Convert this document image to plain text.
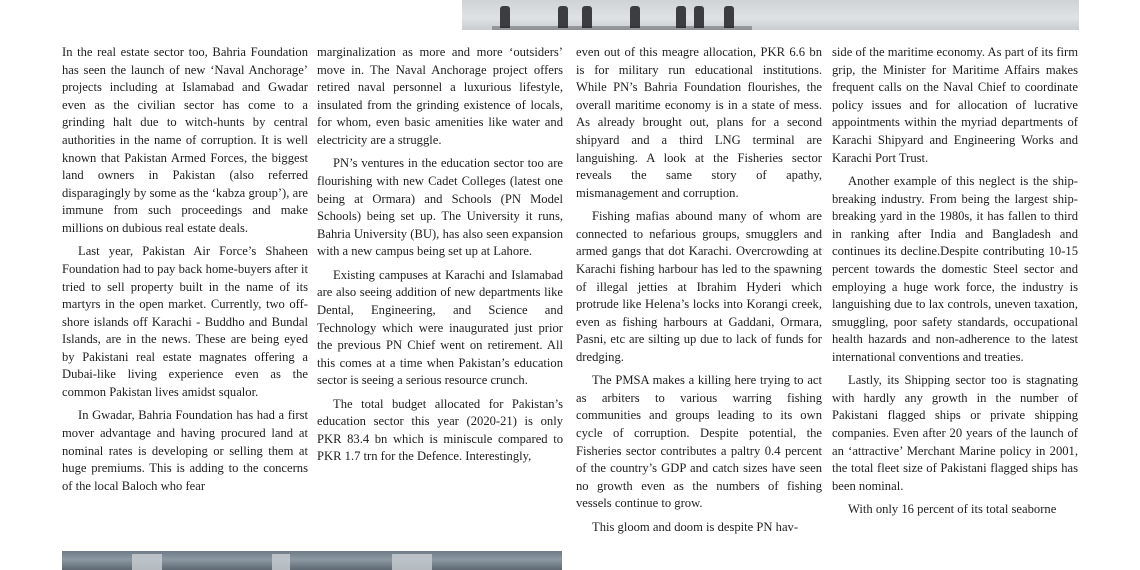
In the real estate sector too, Bahria Foundation has seen the launch of new ‘Naval Anchorage’ projects including at Islamabad and Gwadar even as the civilian sector has come to a grinding halt due to witch-hunts by central authorities in the name of corruption. It is well known that Pakistan Armed Forces, the biggest land owners in Pakistan (also referred disparagingly by some as the ‘kabza group’), are immune from such proceedings and make millions on dubious real estate deals.

Last year, Pakistan Air Force’s Shaheen Foundation had to pay back home-buyers after it tried to sell property built in the name of its martyrs in the open market. Currently, two off-shore islands off Karachi - Buddho and Bundal Islands, are in the news. These are being eyed by Pakistani real estate magnates offering a Dubai-like living experience even as the common Pakistan lives amidst squalor.

In Gwadar, Bahria Foundation has had a first mover advantage and having procured land at nominal rates is developing or selling them at huge premiums. This is adding to the concerns of the local Baloch who fear

marginalization as more and more ‘outsiders’ move in. The Naval Anchorage project offers retired naval personnel a luxurious lifestyle, insulated from the grinding existence of locals, for whom, even basic amenities like water and electricity are a struggle.

PN’s ventures in the education sector too are flourishing with new Cadet Colleges (latest one being at Ormara) and Schools (PN Model Schools) being set up. The University it runs, Bahria University (BU), has also seen expansion with a new campus being set up at Lahore.

Existing campuses at Karachi and Islamabad are also seeing addition of new departments like Dental, Engineering, and Science and Technology which were inaugurated just prior the previous PN Chief went on retirement. All this comes at a time when Pakistan’s education sector is seeing a serious resource crunch.

The total budget allocated for Pakistan’s education sector this year (2020-21) is only PKR 83.4 bn which is miniscule compared to PKR 1.7 trn for the Defence. Interestingly,

even out of this meagre allocation, PKR 6.6 bn is for military run educational institutions. While PN’s Bahria Foundation flourishes, the overall maritime economy is in a state of mess. As already brought out, plans for a second shipyard and a third LNG terminal are languishing. A look at the Fisheries sector reveals the same story of apathy, mismanagement and corruption.

Fishing mafias abound many of whom are connected to nefarious groups, smugglers and armed gangs that dot Karachi. Overcrowding at Karachi fishing harbour has led to the spawning of illegal jetties at Ibrahim Hyderi which protrude like Helena’s locks into Korangi creek, even as fishing harbours at Gaddani, Ormara, Pasni, etc are silting up due to lack of funds for dredging.

The PMSA makes a killing here trying to act as arbiters to various warring fishing communities and groups leading to its own cycle of corruption. Despite potential, the Fisheries sector contributes a paltry 0.4 percent of the country’s GDP and catch sizes have seen no growth even as the numbers of fishing vessels continue to grow.

This gloom and doom is despite PN hav-

side of the maritime economy. As part of its firm grip, the Minister for Maritime Affairs makes frequent calls on the Naval Chief to coordinate policy issues and for allocation of lucrative appointments within the myriad departments of Karachi Shipyard and Engineering Works and Karachi Port Trust.

Another example of this neglect is the ship-breaking industry. From being the largest ship-breaking yard in the 1980s, it has fallen to third in ranking after India and Bangladesh and continues its decline.Despite contributing 10-15 percent towards the domestic Steel sector and employing a huge work force, the industry is languishing due to lax controls, uneven taxation, smuggling, poor safety standards, occupational health hazards and non-adherence to the latest international conventions and treaties.

Lastly, its Shipping sector too is stagnating with hardly any growth in the number of Pakistani flagged ships or private shipping companies. Even after 20 years of the launch of an ‘attractive’ Merchant Marine policy in 2001, the total fleet size of Pakistani flagged ships has been nominal.

With only 16 percent of its total seaborne
